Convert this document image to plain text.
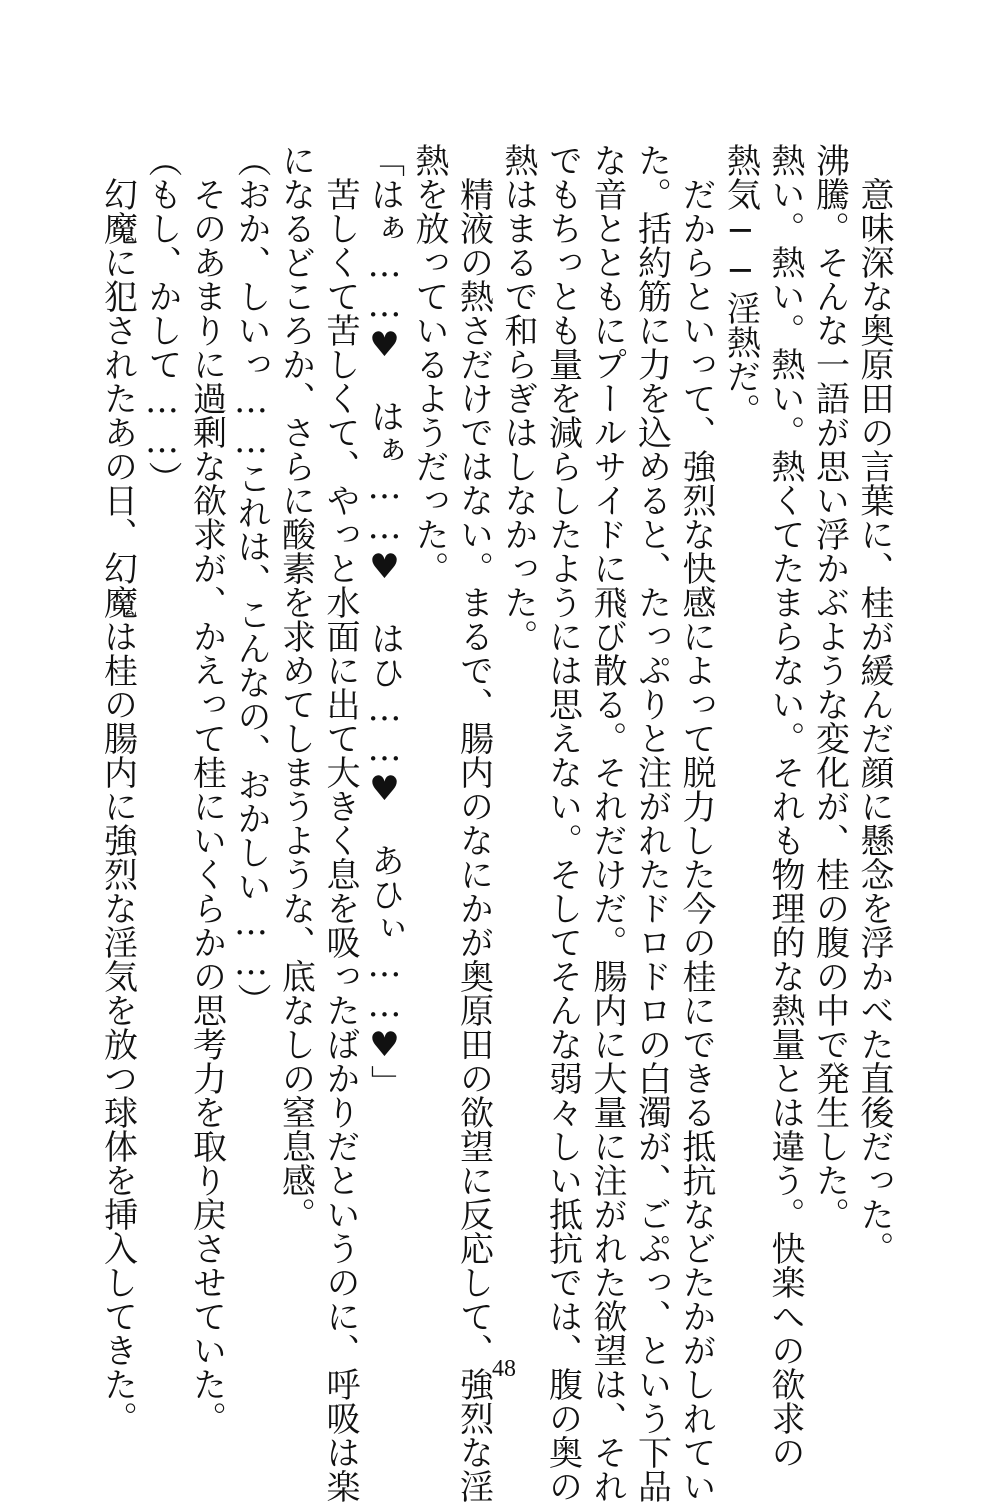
　意味深な奥原田の言葉に、桂が緩んだ顔に懸念を浮かべた直後だった。
沸騰。そんな一語が思い浮かぶような変化が、桂の腹の中で発生した。
熱い。熱い。熱い。熱くてたまらない。それも物理的な熱量とは違う。快楽への欲求の
熱気──淫熱だ。
　だからといって、強烈な快感によって脱力した今の桂にできる抵抗などたかがしれてい
た。括約筋に力を込めると、たっぷりと注がれたドロドロの白濁が、ごぷっ、という下品
な音とともにプールサイドに飛び散る。それだけだ。腸内に大量に注がれた欲望は、それ
でもちっとも量を減らしたようには思えない。そしてそんな弱々しい抵抗では、腹の奥の
熱はまるで和らぎはしなかった。
　精液の熱さだけではない。まるで、腸内のなにかが奥原田の欲望に反応して、強烈な淫
熱を放っているようだった。
「はぁ……♥　はぁ……♥　はひ……♥　あひぃ……♥」
　苦しくて苦しくて、やっと水面に出て大きく息を吸ったばかりだというのに、呼吸は楽
になるどころか、さらに酸素を求めてしまうような、底なしの窒息感。
（おか、しいっ……これは、こんなの、おかしい……）
　そのあまりに過剰な欲求が、かえって桂にいくらかの思考力を取り戻させていた。
（もし、かして……）
　幻魔に犯されたあの日、幻魔は桂の腸内に強烈な淫気を放つ球体を挿入してきた。	48
